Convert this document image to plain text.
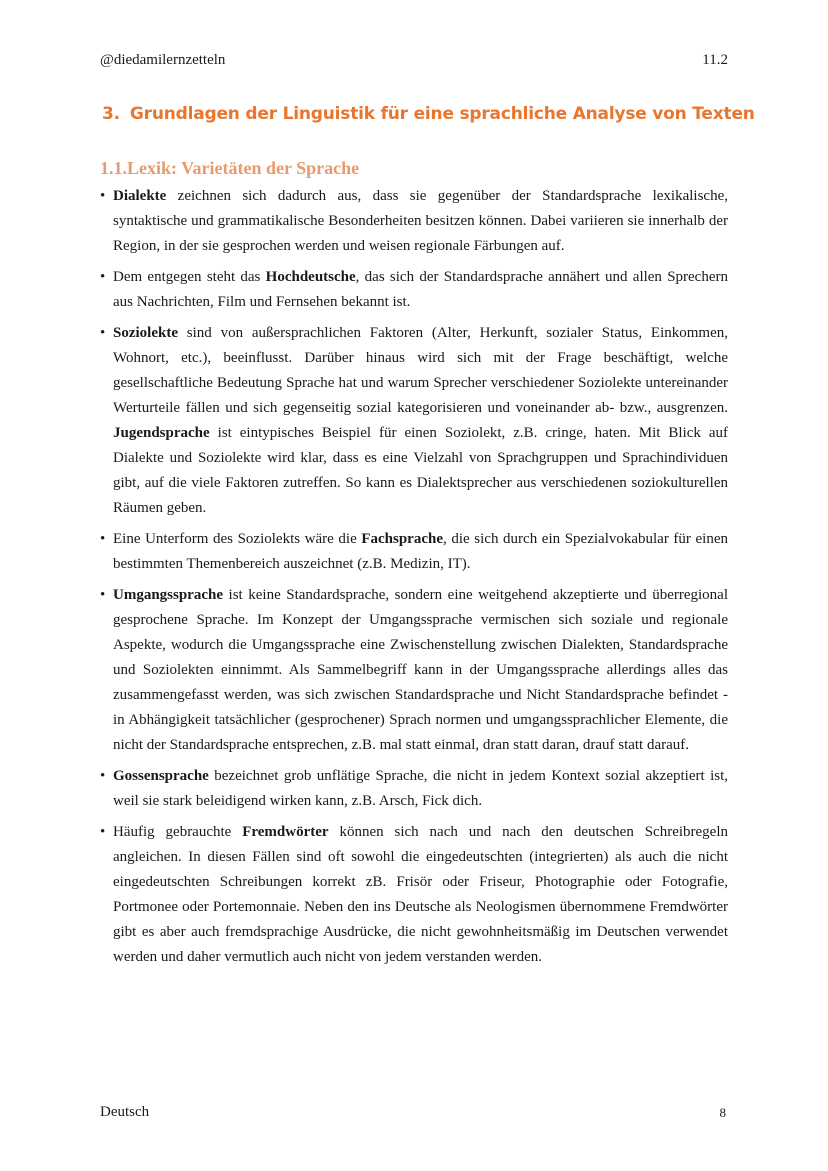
@diedamilernzetteln	11.2
3. Grundlagen der Linguistik für eine sprachliche Analyse von Texten
1.1.Lexik: Varietäten der Sprache
• Dialekte zeichnen sich dadurch aus, dass sie gegenüber der Standardsprache lexikalische, syntaktische und grammatikalische Besonderheiten besitzen können. Dabei variieren sie innerhalb der Region, in der sie gesprochen werden und weisen regionale Färbungen auf.
• Dem entgegen steht das Hochdeutsche, das sich der Standardsprache annähert und allen Sprechern aus Nachrichten, Film und Fernsehen bekannt ist.
• Soziolekte sind von außersprachlichen Faktoren (Alter, Herkunft, sozialer Status, Einkommen, Wohnort, etc.), beeinflusst. Darüber hinaus wird sich mit der Frage beschäftigt, welche gesellschaftliche Bedeutung Sprache hat und warum Sprecher verschiedener Soziolekte untereinander Werturteile fällen und sich gegenseitig sozial kategorisieren und voneinander ab- bzw., ausgrenzen. Jugendsprache ist eintypisches Beispiel für einen Soziolekt, z.B. cringe, haten. Mit Blick auf Dialekte und Soziolekte wird klar, dass es eine Vielzahl von Sprachgruppen und Sprachindividuen gibt, auf die viele Faktoren zutreffen. So kann es Dialektsprecher aus verschiedenen soziokulturellen Räumen geben.
• Eine Unterform des Soziolekts wäre die Fachsprache, die sich durch ein Spezialvokabular für einen bestimmten Themenbereich auszeichnet (z.B. Medizin, IT).
• Umgangssprache ist keine Standardsprache, sondern eine weitgehend akzeptierte und überregional gesprochene Sprache. Im Konzept der Umgangssprache vermischen sich soziale und regionale Aspekte, wodurch die Umgangssprache eine Zwischenstellung zwischen Dialekten, Standardsprache und Soziolekten einnimmt. Als Sammelbegriff kann in der Umgangssprache allerdings alles das zusammengefasst werden, was sich zwischen Standardsprache und Nicht Standardsprache befindet - in Abhängigkeit tatsächlicher (gesprochener) Sprach normen und umgangssprachlicher Elemente, die nicht der Standardsprache entsprechen, z.B. mal statt einmal, dran statt daran, drauf statt darauf.
• Gossensprache bezeichnet grob unflätige Sprache, die nicht in jedem Kontext sozial akzeptiert ist, weil sie stark beleidigend wirken kann, z.B. Arsch, Fick dich.
• Häufig gebrauchte Fremdwörter können sich nach und nach den deutschen Schreibregeln angleichen. In diesen Fällen sind oft sowohl die eingedeutschten (integrierten) als auch die nicht eingedeutschten Schreibungen korrekt zB. Frisör oder Friseur, Photographie oder Fotografie, Portmonee oder Portemonnaie. Neben den ins Deutsche als Neologismen übernommene Fremdwörter gibt es aber auch fremdsprachige Ausdrücke, die nicht gewohnheitsmäßig im Deutschen verwendet werden und daher vermutlich auch nicht von jedem verstanden werden.
Deutsch	8
